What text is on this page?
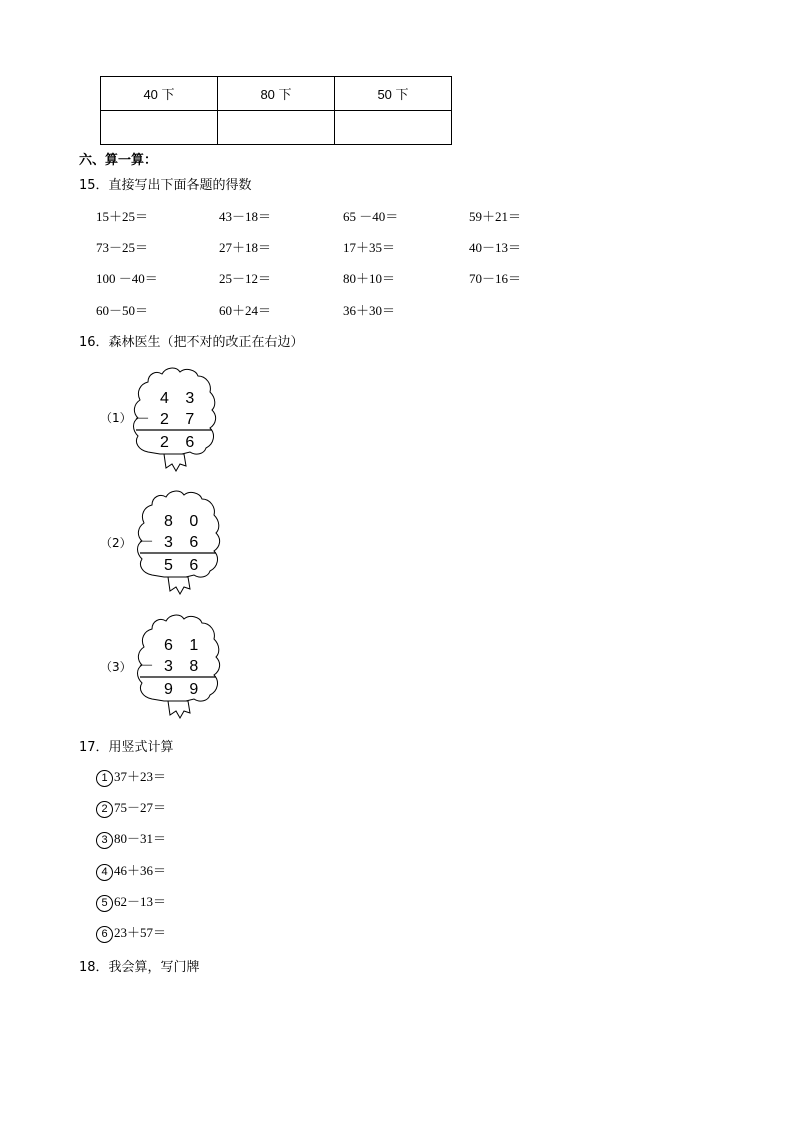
40 下	80 下	50 下

六、算一算：
15．直接写出下面各题的得数
15＋25＝	43－18＝	65 －40＝	59＋21＝
73－25＝	27＋18＝	17＋35＝	40－13＝
100 －40＝	25－12＝	80＋10＝	70－16＝
60－50＝	60＋24＝	36＋30＝
16．森林医生（把不对的改正在右边）
（1）
4 3
－ 2 7
2 6
（2）
8 0
－ 3 6
5 6
（3）
6 1
－ 3 8
9 9
17．用竖式计算
1 37＋23＝
2 75－27＝
3 80－31＝
4 46＋36＝
5 62－13＝
6 23＋57＝
18．我会算，写门牌
